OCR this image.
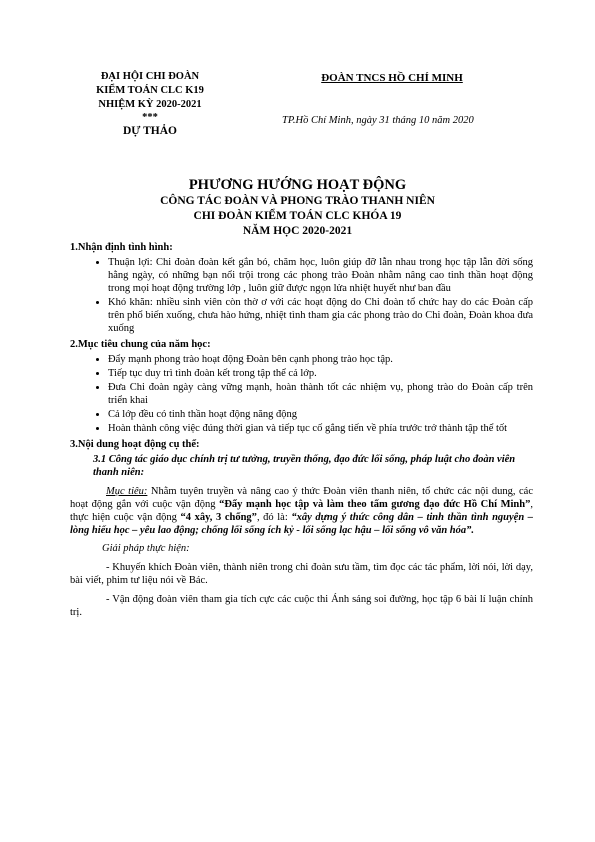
ĐẠI HỘI CHI ĐOÀN
KIỂM TOÁN CLC K19
NHIỆM KỲ 2020-2021
***
DỰ THẢO
ĐOÀN TNCS HỒ CHÍ MINH
TP.Hồ Chí Minh, ngày 31 tháng 10 năm 2020
PHƯƠNG HƯỚNG HOẠT ĐỘNG
CÔNG TÁC ĐOÀN VÀ PHONG TRÀO THANH NIÊN
CHI ĐOÀN KIỂM TOÁN CLC KHÓA 19
NĂM HỌC 2020-2021
1.Nhận định tình hình:
• Thuận lợi: Chi đoàn đoàn kết gắn bó, chăm học, luôn giúp đỡ lẫn nhau trong học tập lẫn đời sống hằng ngày, có những bạn nổi trội trong các phong trào Đoàn nhằm nâng cao tinh thần hoạt động trong mọi hoạt động trường lớp , luôn giữ được ngọn lửa nhiệt huyết như ban đầu
• Khó khăn: nhiều sinh viên còn thờ ơ với các hoạt động do Chi đoàn tổ chức hay do các Đoàn cấp trên phổ biến xuống, chưa hào hứng, nhiệt tình tham gia các phong trào do Chi đoàn, Đoàn khoa đưa xuống
2.Mục tiêu chung của năm học:
• Đẩy mạnh phong trào hoạt động Đoàn bên cạnh phong trào học tập.
• Tiếp tục duy trì tình đoàn kết trong tập thể cả lớp.
• Đưa Chi đoàn ngày càng vững mạnh, hoàn thành tốt các nhiệm vụ, phong trào do Đoàn cấp trên triển khai
• Cả lớp đều có tinh thần hoạt động năng động
• Hoàn thành công việc đúng thời gian và tiếp tục cố gắng tiến về phía trước trở thành tập thể tốt
3.Nội dung hoạt động cụ thể:
3.1 Công tác giáo dục chính trị tư tưởng, truyền thống, đạo đức lối sống, pháp luật cho đoàn viên thanh niên:
Mục tiêu: Nhằm tuyên truyền và nâng cao ý thức Đoàn viên thanh niên, tổ chức các nội dung, các hoạt động gắn với cuộc vận động “Đẩy mạnh học tập và làm theo tấm gương đạo đức Hồ Chí Minh”, thực hiện cuộc vận động “4 xây, 3 chống”, đó là: “xây dựng ý thức công dân – tinh thần tình nguyện – lòng hiếu học – yêu lao động; chống lối sống ích kỷ - lối sống lạc hậu – lối sống vô văn hóa”.
Giải pháp thực hiện:
- Khuyến khích Đoàn viên, thành niên trong chi đoàn sưu tầm, tìm đọc các tác phẩm, lời nói, lời dạy, bài viết, phim tư liệu nói về Bác.
- Vận động đoàn viên tham gia tích cực các cuộc thi Ánh sáng soi đường, học tập 6 bài lí luận chính trị.
